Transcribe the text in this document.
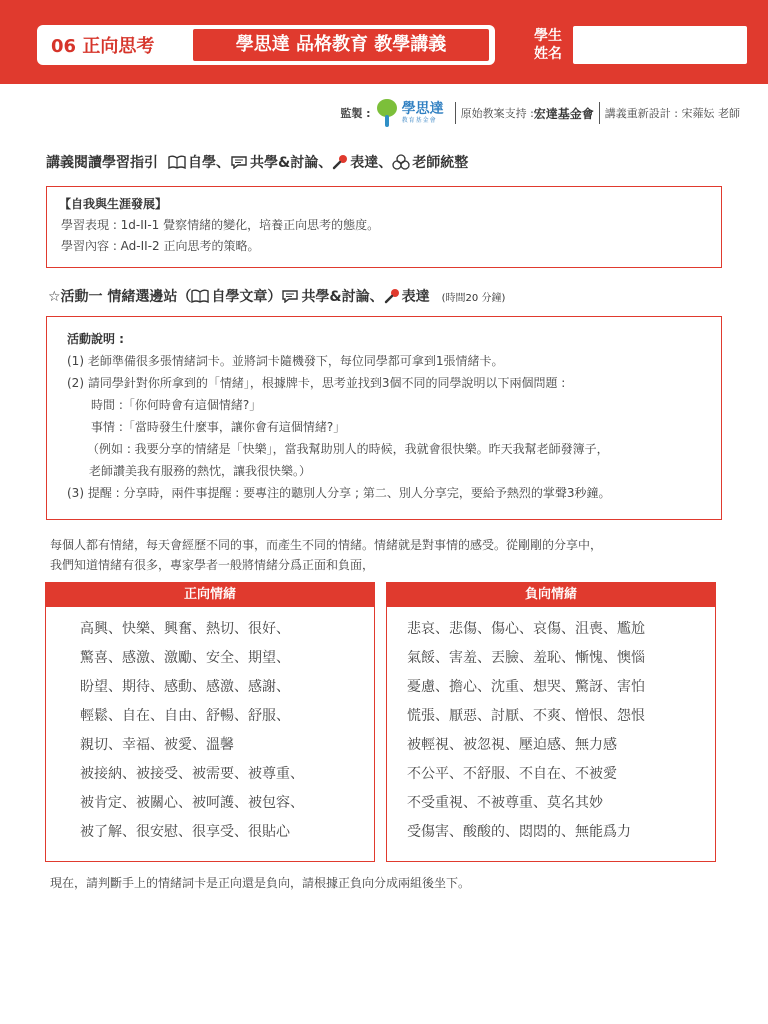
06 正向思考	學思達 品格教育 教學講義	學生
姓名
監製 : 學思達
教育基金會
原始教案支持 : 宏達基金會 講義重新設計 : 宋蕹妘 老師
講義閱讀學習指引 自學、 共學&討論、 表達、 老師統整
【自我與生涯發展】
學習表現 : 1d-II-1 覺察情緒的變化，培養正向思考的態度。
學習內容 : Ad-II-2 正向思考的策略。
☆活動一 情緒選邊站（ 自學文章） 共學&討論、 表達 (時間20 分鐘)
活動說明 :
(1) 老師準備很多張情緒詞卡。並將詞卡隨機發下，每位同學都可拿到1張情緒卡。
(2) 請同學針對你所拿到的「情緒」，根據牌卡，思考並找到3個不同的同學說明以下兩個問題 :
時間 :「你何時會有這個情緒?」
事情 :「當時發生什麼事，讓你會有這個情緒?」
（例如 : 我要分享的情緒是「快樂」，當我幫助別人的時候，我就會很快樂。昨天我幫老師發簿子，
老師讚美我有服務的熱忱，讓我很快樂。）
(3) 提醒 : 分享時，兩件事提醒 : 要專注的聽別人分享 ; 第二、別人分享完，要給予熱烈的掌聲3秒鐘。
每個人都有情緒，每天會經歷不同的事，而產生不同的情緒。情緒就是對事情的感受。從剛剛的分享中，
我們知道情緒有很多，專家學者一般將情緒分爲正面和負面，
正向情緒
高興、快樂、興奮、熱切、很好、
驚喜、感激、激勵、安全、期望、
盼望、期待、感動、感激、感謝、
輕鬆、自在、自由、舒暢、舒服、
親切、幸福、被愛、溫馨
被接納、被接受、被需要、被尊重、
被肯定、被關心、被呵護、被包容、
被了解、很安慰、很享受、很貼心
負向情緒
悲哀、悲傷、傷心、哀傷、沮喪、尷尬
氣餒、害羞、丟臉、羞恥、慚愧、懊惱
憂慮、擔心、沈重、想哭、驚訝、害怕
慌張、厭惡、討厭、不爽、憎恨、怨恨
被輕視、被忽視、壓迫感、無力感
不公平、不舒服、不自在、不被愛
不受重視、不被尊重、莫名其妙
受傷害、酸酸的、悶悶的、無能爲力
現在，請判斷手上的情緒詞卡是正向還是負向，請根據正負向分成兩組後坐下。
